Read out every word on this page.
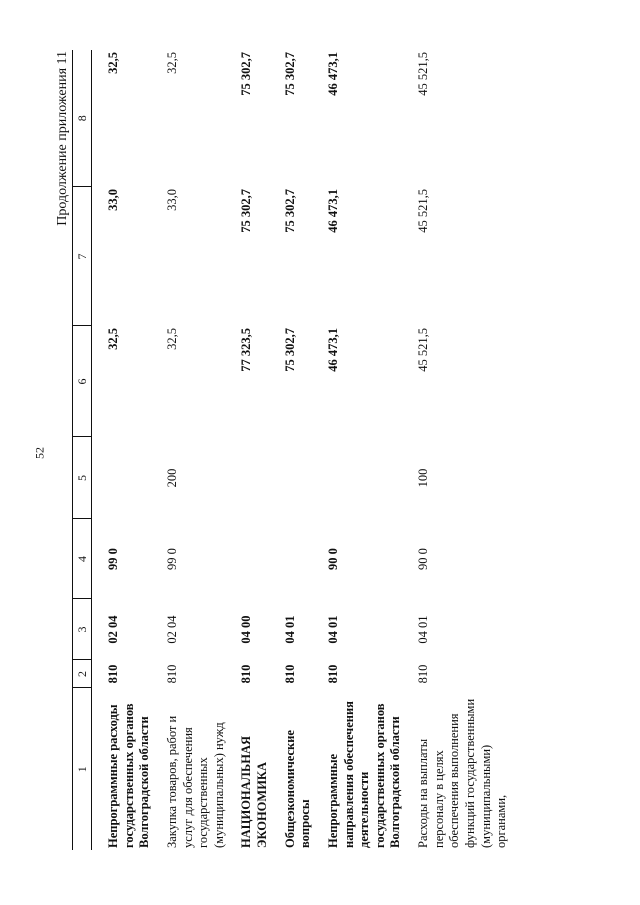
52
Продолжение приложения 11
1	2	3	4	5	6	7	8
Непрограммные расходы государственных органов Волгоградской области	810	02 04	99 0		32,5	33,0	32,5
Закупка товаров, работ и услуг для обеспечения государственных (муниципальных) нужд	810	02 04	99 0	200	32,5	33,0	32,5
НАЦИОНАЛЬНАЯ ЭКОНОМИКА	810	04 00			77 323,5	75 302,7	75 302,7
Общеэкономические вопросы	810	04 01			75 302,7	75 302,7	75 302,7
Непрограммные направления обеспечения деятельности государственных органов Волгоградской области	810	04 01	90 0		46 473,1	46 473,1	46 473,1
Расходы на выплаты персоналу в целях обеспечения выполнения функций государственными (муниципальными) органами,	810	04 01	90 0	100	45 521,5	45 521,5	45 521,5
